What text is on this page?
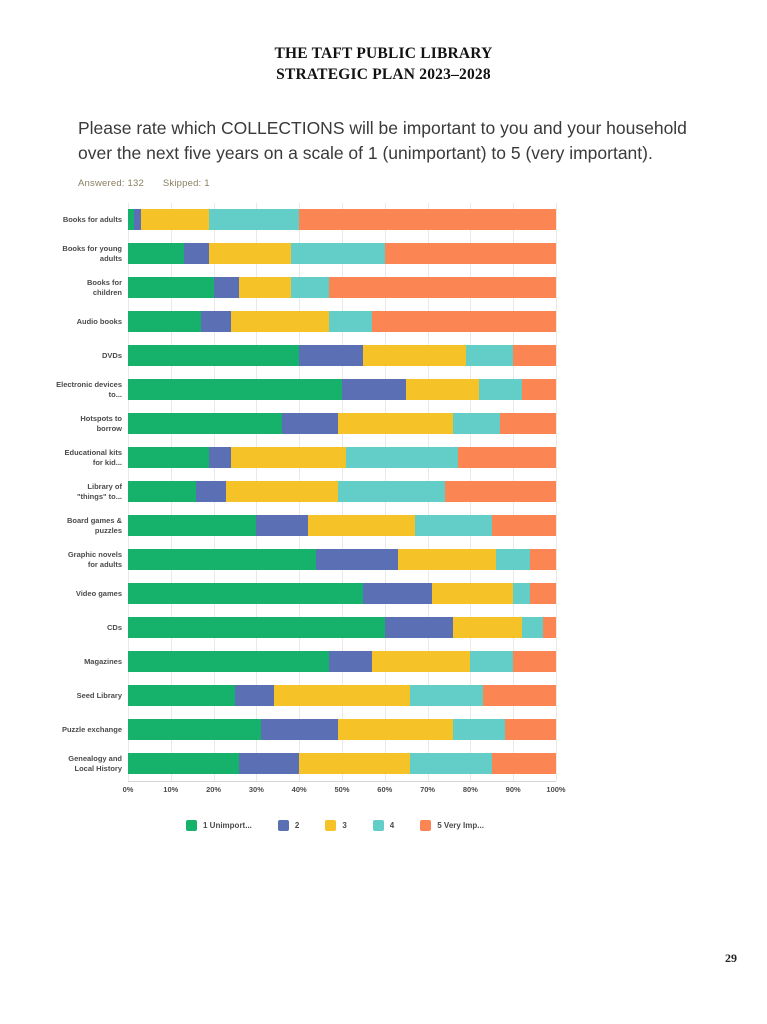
THE TAFT PUBLIC LIBRARY
STRATEGIC PLAN 2023–2028

Please rate which COLLECTIONS will be important to you and your household over the next five years on a scale of 1 (unimportant) to 5 (very important).

Answered: 132 Skipped: 1
Books for adults
Books for young adults
Books for children
Audio books
DVDs
Electronic devices to...
Hotspots to borrow
Educational kits for kid...
Library of "things" to...
Board games & puzzles
Graphic novels for adults
Video games
CDs
Magazines
Seed Library
Puzzle exchange
Genealogy and Local History
0%	10%	20%	30%	40%	50%	60%	70%	80%	90%	100%
1 Unimport...	2	3	4	5 Very Imp...
29
